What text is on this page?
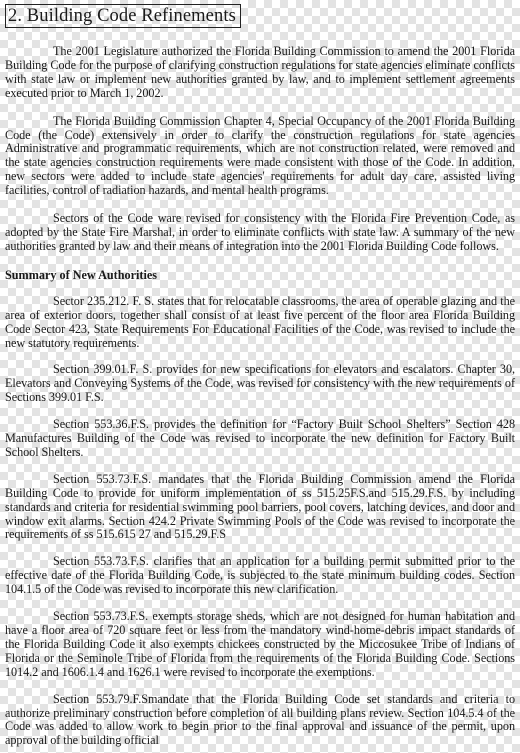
2. Building Code Refinements

The 2001 Legislature authorized the Florida Building Commission to amend the 2001 Florida Building Code for the purpose of clarifying construction regulations for state agencies eliminate conflicts with state law or implement new authorities granted by law, and to implement settlement agreements executed prior to March 1, 2002.

The Florida Building Commission Chapter 4, Special Occupancy of the 2001 Florida Building Code (the Code) extensively in order to clarify the construction regulations for state agencies Administrative and programmatic requirements, which are not construction related, were removed and the state agencies construction requirements were made consistent with those of the Code. In addition, new sectors were added to include state agencies' requirements for adult day care, assisted living facilities, control of radiation hazards, and mental health programs.

Sectors of the Code ware revised for consistency with the Florida Fire Prevention Code, as adopted by the State Fire Marshal, in order to eliminate conflicts with state law. A summary of the new authorities granted by law and their means of integration into the 2001 Florida Building Code follows.

Summary of New Authorities

Sector 235.212. F. S. states that for relocatable classrooms, the area of operable glazing and the area of exterior doors, together shall consist of at least five percent of the floor area Florida Building Code Sector 423, State Requirements For Educational Facilities of the Code, was revised to include the new statutory requirements.

Section 399.01.F. S. provides for new specifications for elevators and escalators. Chapter 30, Elevators and Conveying Systems of the Code, was revised for consistency with the new requirements of Sections 399.01 F.S.

Section 553.36.F.S. provides the definition for “Factory Built School Shelters” Section 428 Manufactures Building of the Code was revised to incorporate the new definition for Factory Built School Shelters.

Section 553.73.F.S. mandates that the Florida Building Commission amend the Florida Building Code to provide for uniform implementation of ss 515.25F.S.and 515.29.F.S. by including standards and criteria for residential swimming pool barriers, pool covers, latching devices, and door and window exit alarms. Section 424.2 Private Swimming Pools of the Code was revised to incorporate the requirements of ss 515.615 27 and 515.29.F.S

Section 553.73.F.S. clarifies that an application for a building permit submitted prior to the effective date of the Florida Building Code, is subjected to the state minimum building codes. Section 104.1.5 of the Code was revised to incorporate this new clarification.

Section 553.73.F.S. exempts storage sheds, which are not designed for human habitation and have a floor area of 720 square feet or less from the mandatory wind-home-debris impact standards of the Florida Building Code it also exempts chickees constructed by the Miccosukee Tribe of Indians of Florida or the Seminole Tribe of Florida from the requirements of the Florida Building Code. Sections 1014.2 and 1606.1.4 and 1626.1 were revised to incorporate the exemptions.

Section 553.79.F.Smandate that the Florida Building Code set standards and criteria to authorize preliminary construction before completion of all building plans review. Section 104.5.4 of the Code was added to allow work to begin prior to the final approval and issuance of the permit, upon approval of the building official
